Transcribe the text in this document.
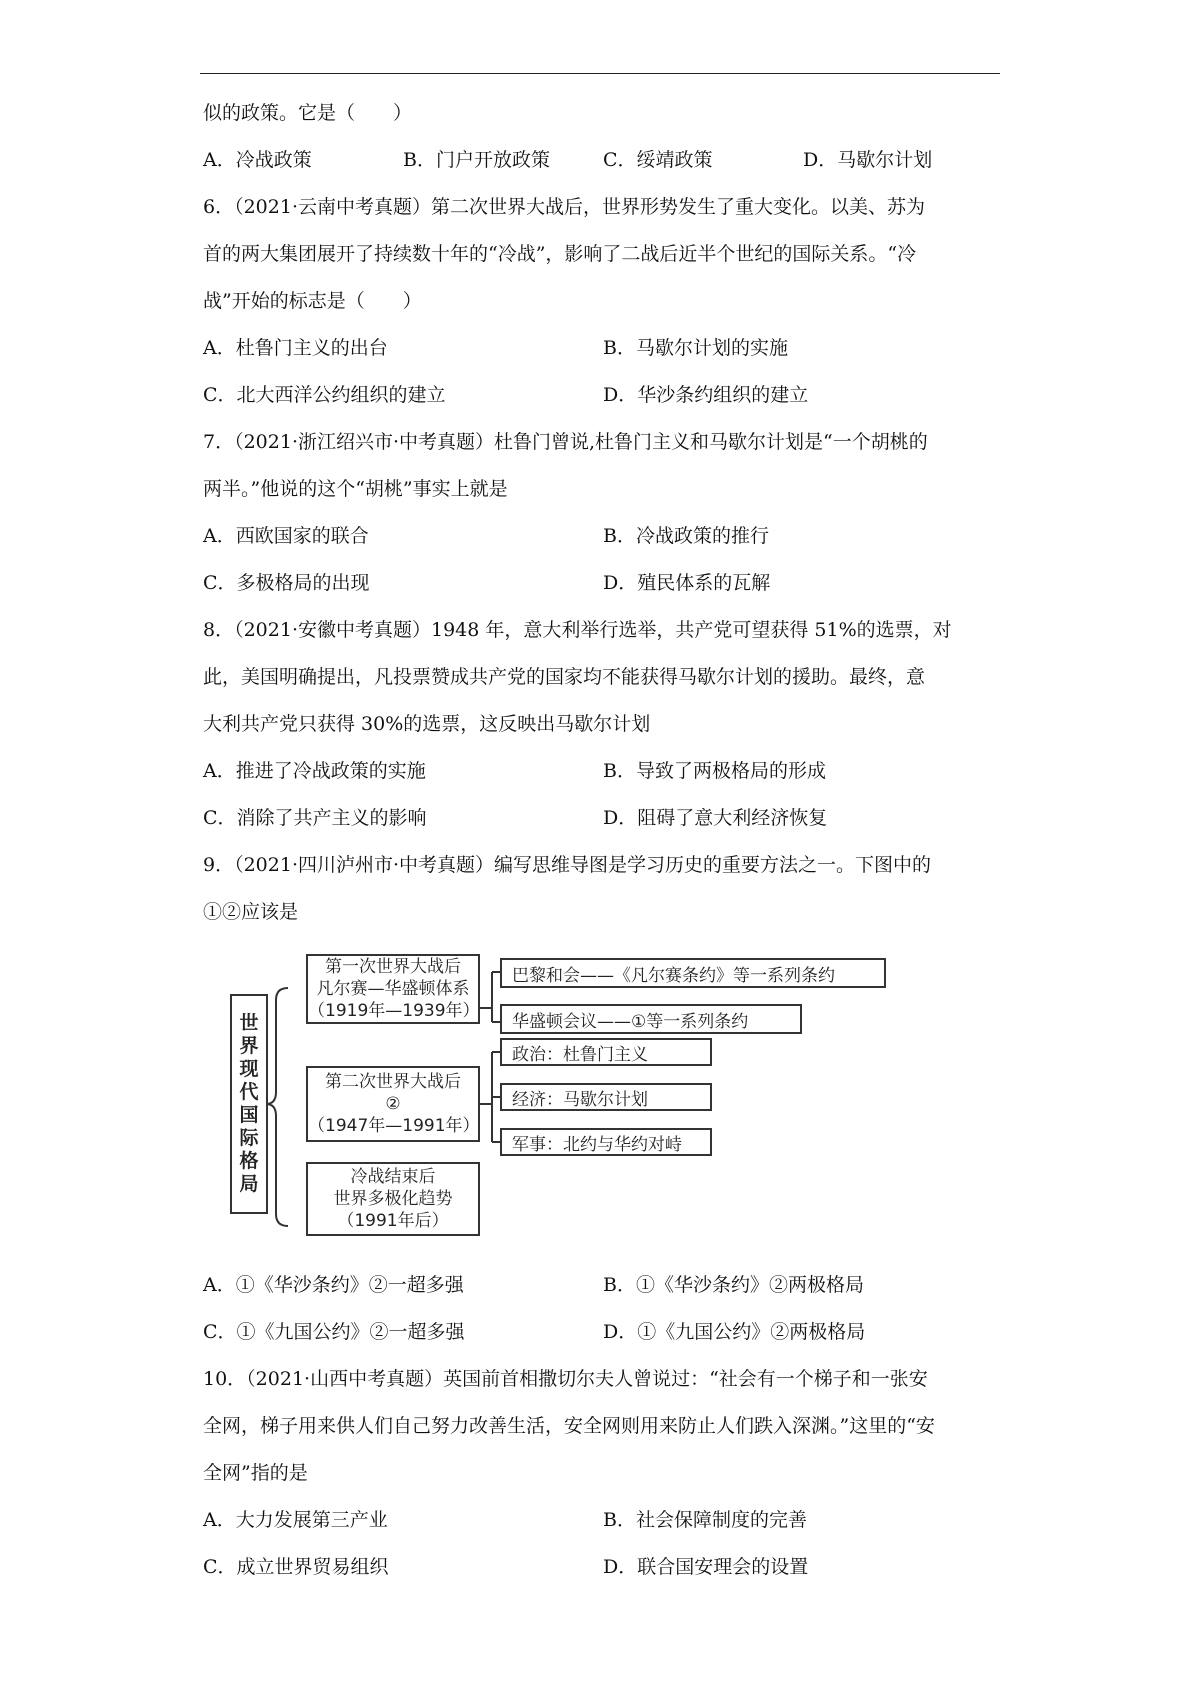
似的政策。它是（　　）
A．冷战政策	B．门户开放政策	C．绥靖政策	D．马歇尔计划
6．（2021·云南中考真题）第二次世界大战后，世界形势发生了重大变化。以美、苏为
首的两大集团展开了持续数十年的“冷战”，影响了二战后近半个世纪的国际关系。“冷
战”开始的标志是（　　）
A．杜鲁门主义的出台	B．马歇尔计划的实施
C．北大西洋公约组织的建立	D．华沙条约组织的建立
7．（2021·浙江绍兴市·中考真题）杜鲁门曾说,杜鲁门主义和马歇尔计划是“一个胡桃的
两半。”他说的这个“胡桃”事实上就是
A．西欧国家的联合	B．冷战政策的推行
C．多极格局的出现	D．殖民体系的瓦解
8．（2021·安徽中考真题）1948 年，意大利举行选举，共产党可望获得 51%的选票，对
此，美国明确提出，凡投票赞成共产党的国家均不能获得马歇尔计划的援助。最终，意
大利共产党只获得 30%的选票，这反映出马歇尔计划
A．推进了冷战政策的实施	B．导致了两极格局的形成
C．消除了共产主义的影响	D．阻碍了意大利经济恢复
9．（2021·四川泸州市·中考真题）编写思维导图是学习历史的重要方法之一。下图中的
①②应该是
世
界
现
代
国
际
格
局
第一次世界大战后
凡尔赛—华盛顿体系
（1919年—1939年）
第二次世界大战后
②
（1947年—1991年）
冷战结束后
世界多极化趋势
（1991年后）
巴黎和会——《凡尔赛条约》等一系列条约
华盛顿会议——①等一系列条约
政治：杜鲁门主义
经济：马歇尔计划
军事：北约与华约对峙
A．①《华沙条约》②一超多强	B．①《华沙条约》②两极格局
C．①《九国公约》②一超多强	D．①《九国公约》②两极格局
10．（2021·山西中考真题）英国前首相撒切尔夫人曾说过：“社会有一个梯子和一张安
全网，梯子用来供人们自己努力改善生活，安全网则用来防止人们跌入深渊。”这里的“安
全网”指的是
A．大力发展第三产业	B．社会保障制度的完善
C．成立世界贸易组织	D．联合国安理会的设置
